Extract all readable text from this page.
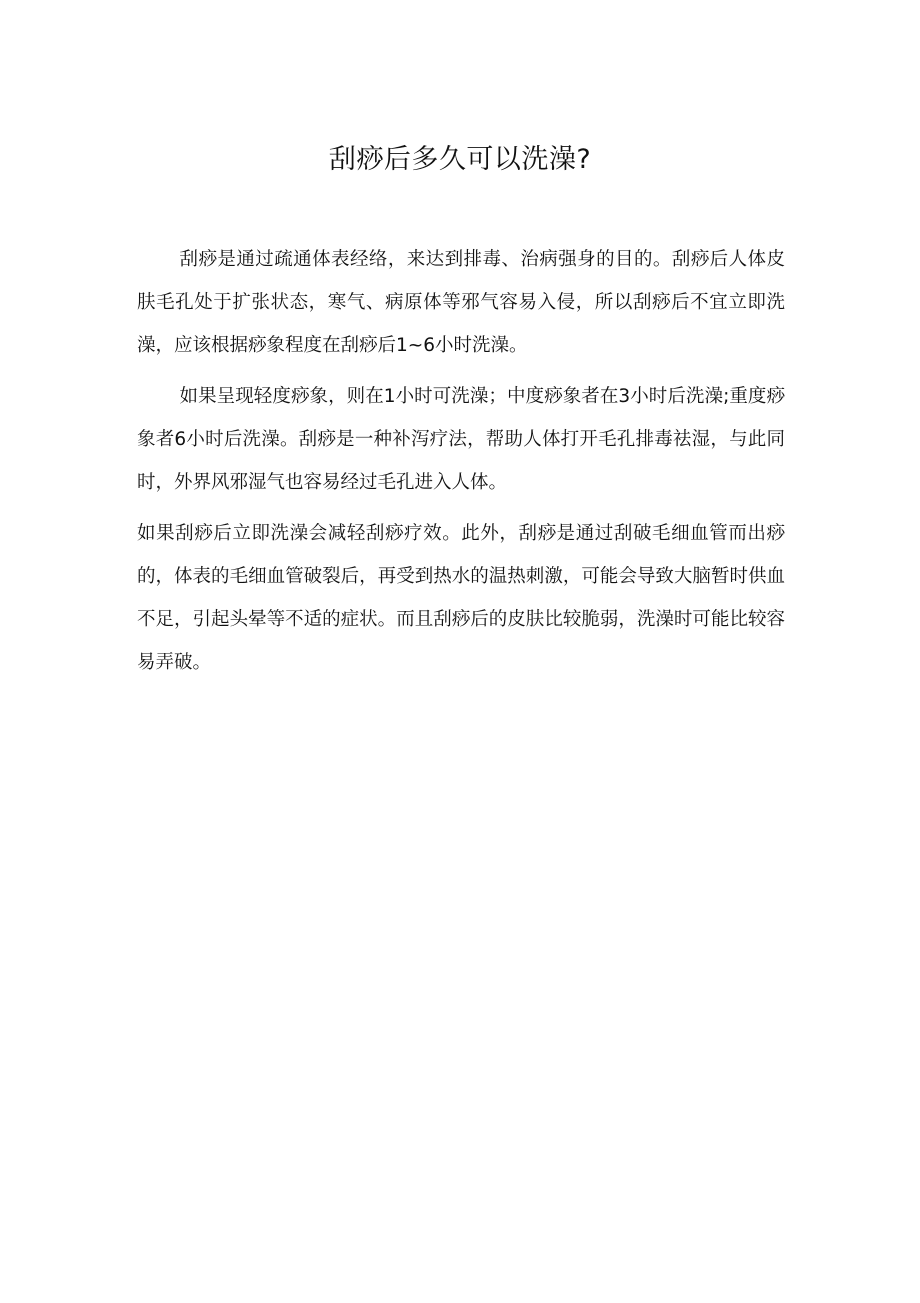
刮痧后多久可以洗澡?

刮痧是通过疏通体表经络，来达到排毒、治病强身的目的。刮痧后人体皮肤毛孔处于扩张状态，寒气、病原体等邪气容易入侵，所以刮痧后不宜立即洗澡，应该根据痧象程度在刮痧后1~6小时洗澡。

如果呈现轻度痧象，则在1小时可洗澡；中度痧象者在3小时后洗澡;重度痧象者6小时后洗澡。刮痧是一种补泻疗法，帮助人体打开毛孔排毒祛湿，与此同时，外界风邪湿气也容易经过毛孔进入人体。

如果刮痧后立即洗澡会减轻刮痧疗效。此外，刮痧是通过刮破毛细血管而出痧的，体表的毛细血管破裂后，再受到热水的温热刺激，可能会导致大脑暂时供血不足，引起头晕等不适的症状。而且刮痧后的皮肤比较脆弱，洗澡时可能比较容易弄破。
